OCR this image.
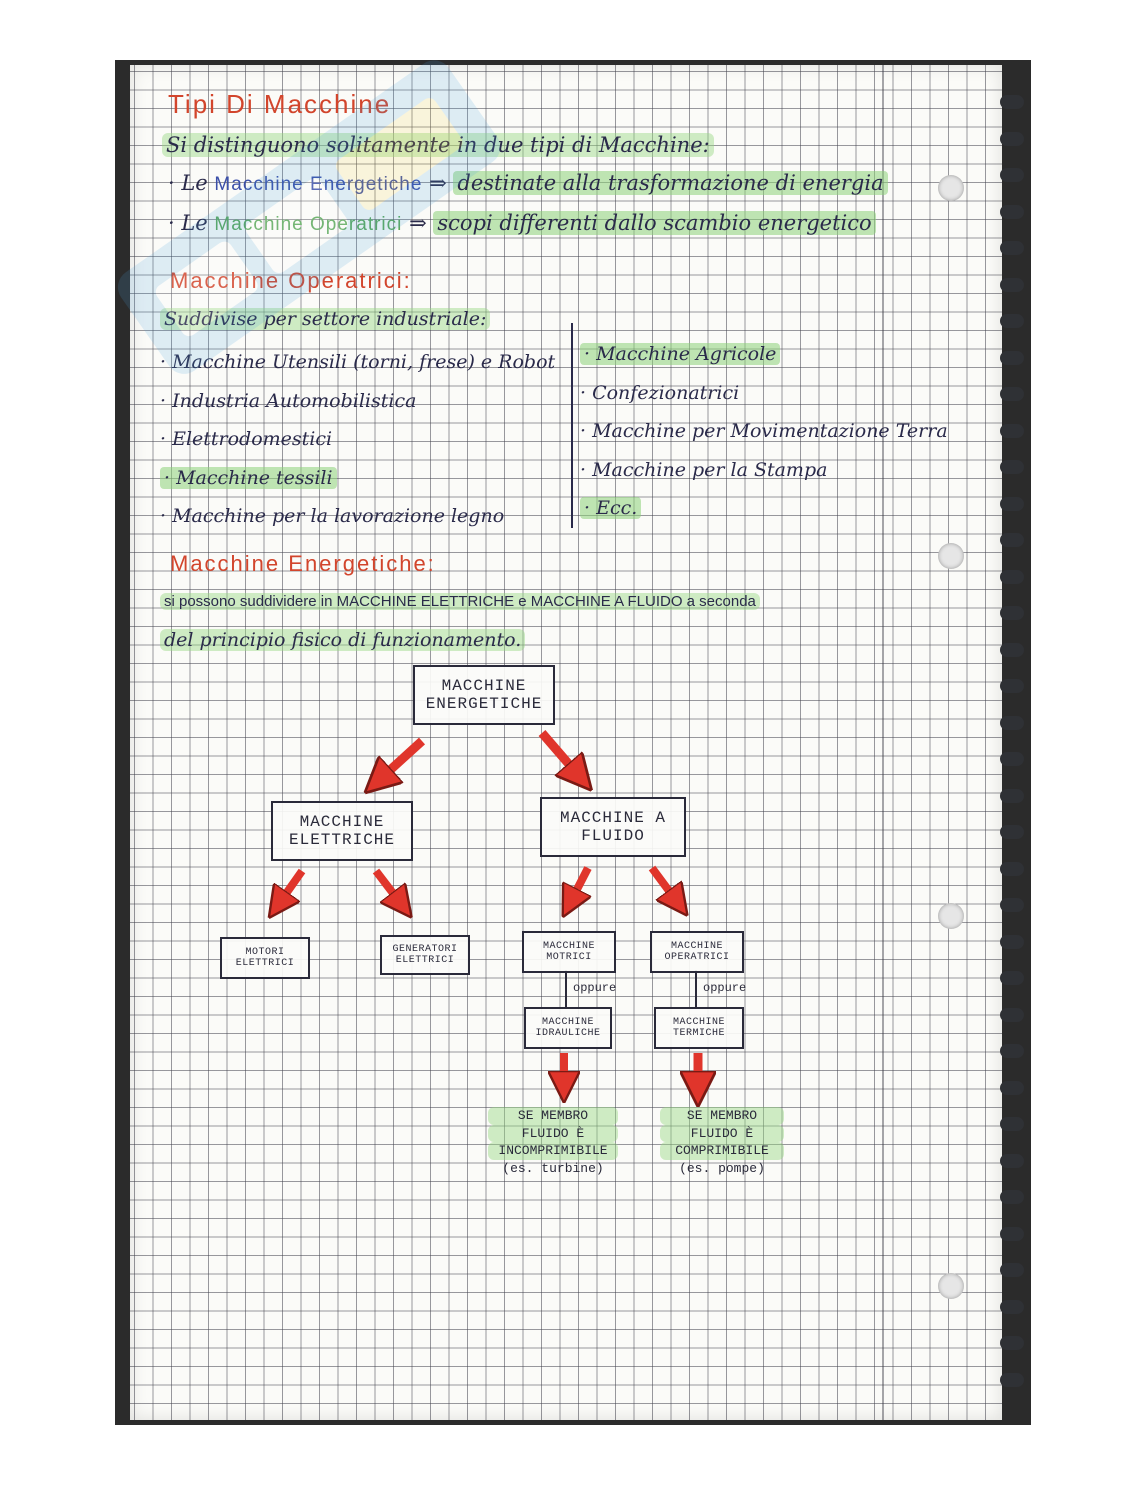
Tipi Di Macchine
Si distinguono solitamente in due tipi di Macchine:
· Le Macchine Energetiche ⇒ destinate alla trasformazione di energia
· Le Macchine Operatrici ⇒ scopi differenti dallo scambio energetico
Macchine Operatrici:
Suddivise per settore industriale:
· Macchine Utensili (torni, frese) e Robot
· Industria Automobilistica
· Elettrodomestici
· Macchine tessili
· Macchine per la lavorazione legno
· Macchine Agricole
· Confezionatrici
· Macchine per Movimentazione Terra
· Macchine per la Stampa
· Ecc.
Macchine Energetiche:
si possono suddividere in MACCHINE ELETTRICHE e MACCHINE A FLUIDO a seconda
del principio fisico di funzionamento.
MACCHINE
ENERGETICHE
MACCHINE
ELETTRICHE
MACCHINE A
FLUIDO
MOTORI
ELETTRICI
GENERATORI
ELETTRICI
MACCHINE
MOTRICI
MACCHINE
OPERATRICI
oppure	oppure
MACCHINE
IDRAULICHE
MACCHINE
TERMICHE
SE MEMBRO
FLUIDO È
INCOMPRIMIBILE
(es. turbine)
SE MEMBRO
FLUIDO È
COMPRIMIBILE
(es. pompe)
